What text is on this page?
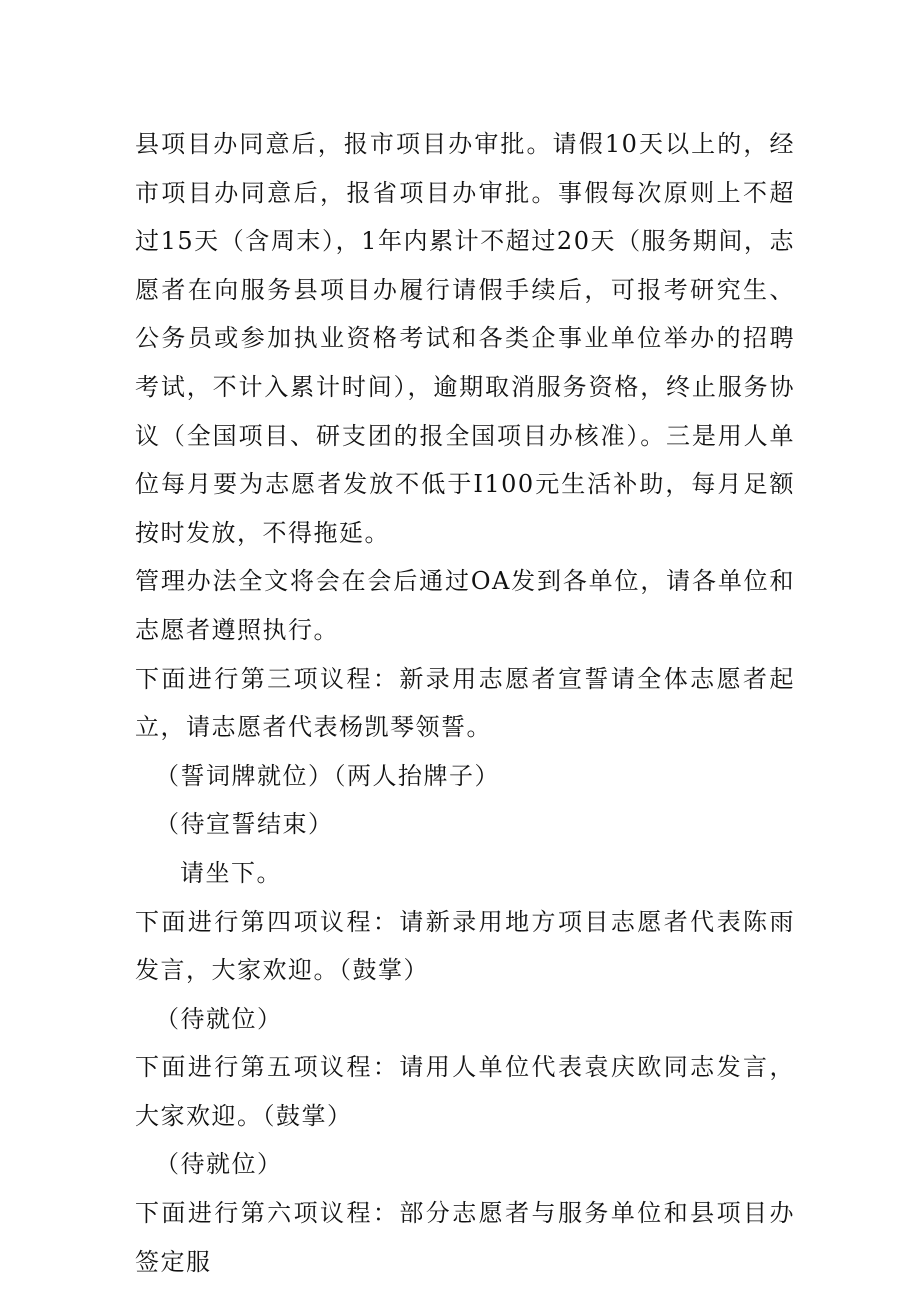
县项目办同意后，报市项目办审批。请假10天以上的，经市项目办同意后，报省项目办审批。事假每次原则上不超过15天（含周末），1年内累计不超过20天（服务期间，志愿者在向服务县项目办履行请假手续后，可报考研究生、公务员或参加执业资格考试和各类企事业单位举办的招聘考试，不计入累计时间），逾期取消服务资格，终止服务协议（全国项目、研支团的报全国项目办核准）。三是用人单位每月要为志愿者发放不低于I100元生活补助，每月足额按时发放，不得拖延。

管理办法全文将会在会后通过OA发到各单位，请各单位和志愿者遵照执行。

下面进行第三项议程：新录用志愿者宣誓请全体志愿者起立，请志愿者代表杨凯琴领誓。

（誓词牌就位）（两人抬牌子）

（待宣誓结束）

请坐下。

下面进行第四项议程：请新录用地方项目志愿者代表陈雨发言，大家欢迎。（鼓掌）

（待就位）

下面进行第五项议程：请用人单位代表袁庆欧同志发言，大家欢迎。（鼓掌）

（待就位）

下面进行第六项议程：部分志愿者与服务单位和县项目办签定服
